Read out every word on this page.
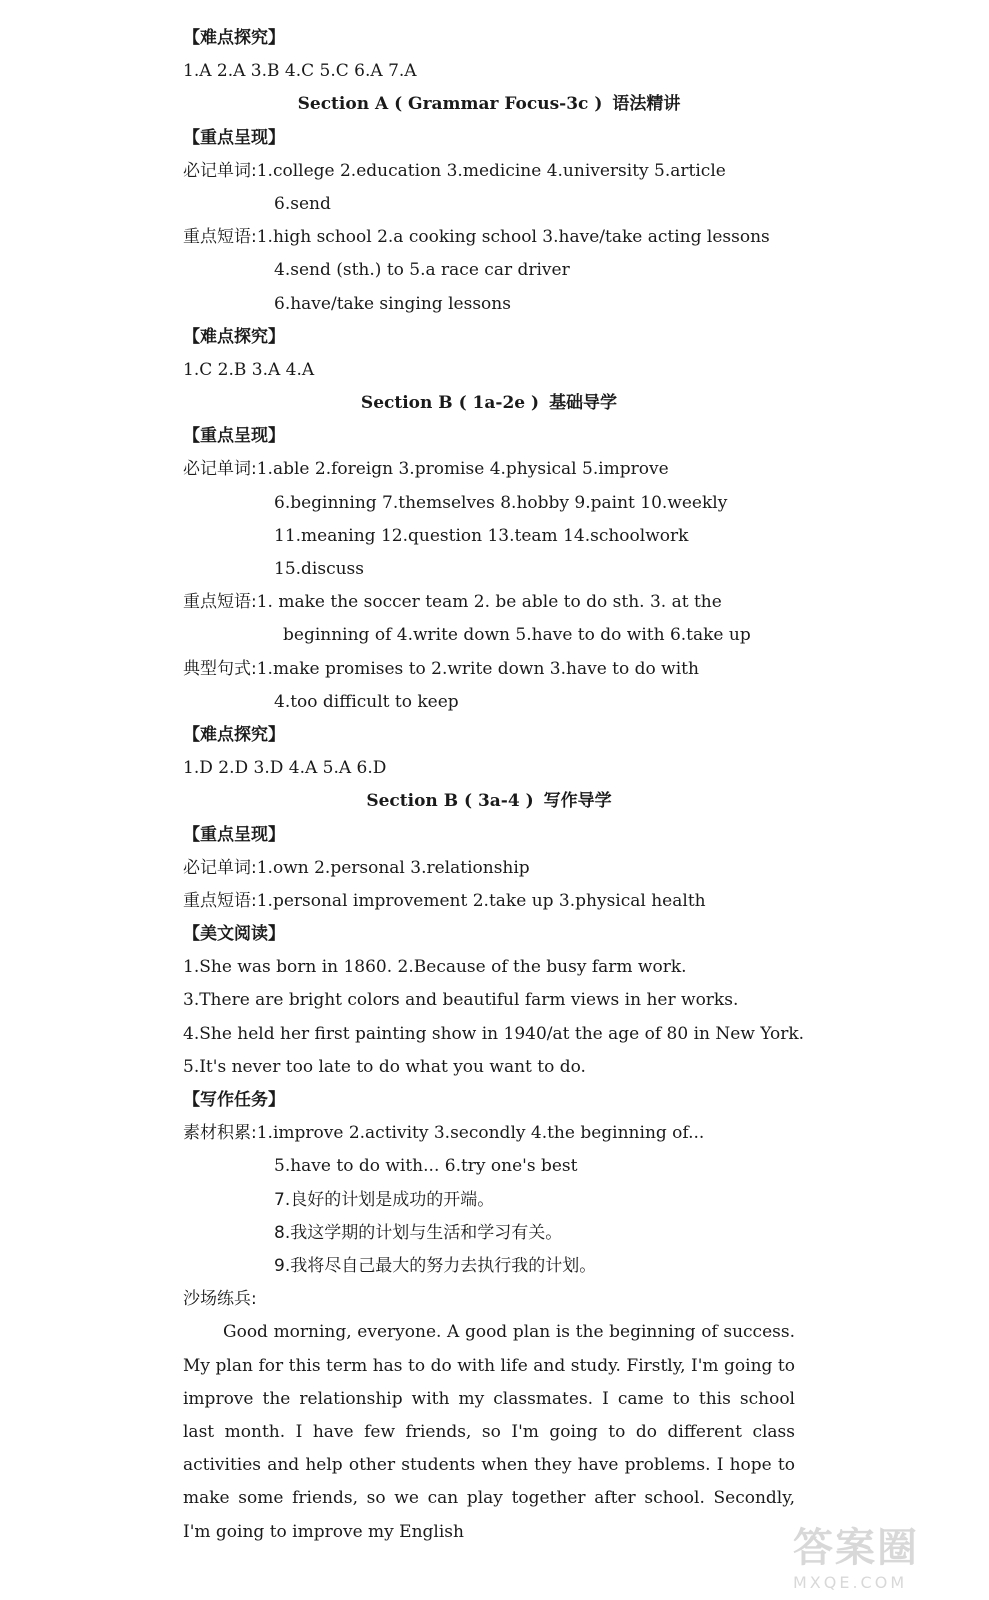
【难点探究】
1.A 2.A 3.B 4.C 5.C 6.A 7.A
Section A ( Grammar Focus-3c ) 语法精讲
【重点呈现】
必记单词:1.college 2.education 3.medicine 4.university 5.article
6.send
重点短语:1.high school 2.a cooking school 3.have/take acting lessons
4.send (sth.) to 5.a race car driver
6.have/take singing lessons
【难点探究】
1.C 2.B 3.A 4.A
Section B ( 1a-2e ) 基础导学
【重点呈现】
必记单词:1.able 2.foreign 3.promise 4.physical 5.improve
6.beginning 7.themselves 8.hobby 9.paint 10.weekly
11.meaning 12.question 13.team 14.schoolwork
15.discuss
重点短语:1. make the soccer team 2. be able to do sth. 3. at the
beginning of 4.write down 5.have to do with 6.take up
典型句式:1.make promises to 2.write down 3.have to do with
4.too difficult to keep
【难点探究】
1.D 2.D 3.D 4.A 5.A 6.D
Section B ( 3a-4 ) 写作导学
【重点呈现】
必记单词:1.own 2.personal 3.relationship
重点短语:1.personal improvement 2.take up 3.physical health
【美文阅读】
1.She was born in 1860. 2.Because of the busy farm work.
3.There are bright colors and beautiful farm views in her works.
4.She held her first painting show in 1940/at the age of 80 in New York.
5.It's never too late to do what you want to do.
【写作任务】
素材积累:1.improve 2.activity 3.secondly 4.the beginning of...
5.have to do with... 6.try one's best
7.良好的计划是成功的开端。
8.我这学期的计划与生活和学习有关。
9.我将尽自己最大的努力去执行我的计划。
沙场练兵:
Good morning, everyone. A good plan is the beginning of success. My plan for this term has to do with life and study. Firstly, I'm going to improve the relationship with my classmates. I came to this school last month. I have few friends, so I'm going to do different class activities and help other students when they have problems. I hope to make some friends, so we can play together after school. Secondly, I'm going to improve my English	答案圈
MXQE.COM
